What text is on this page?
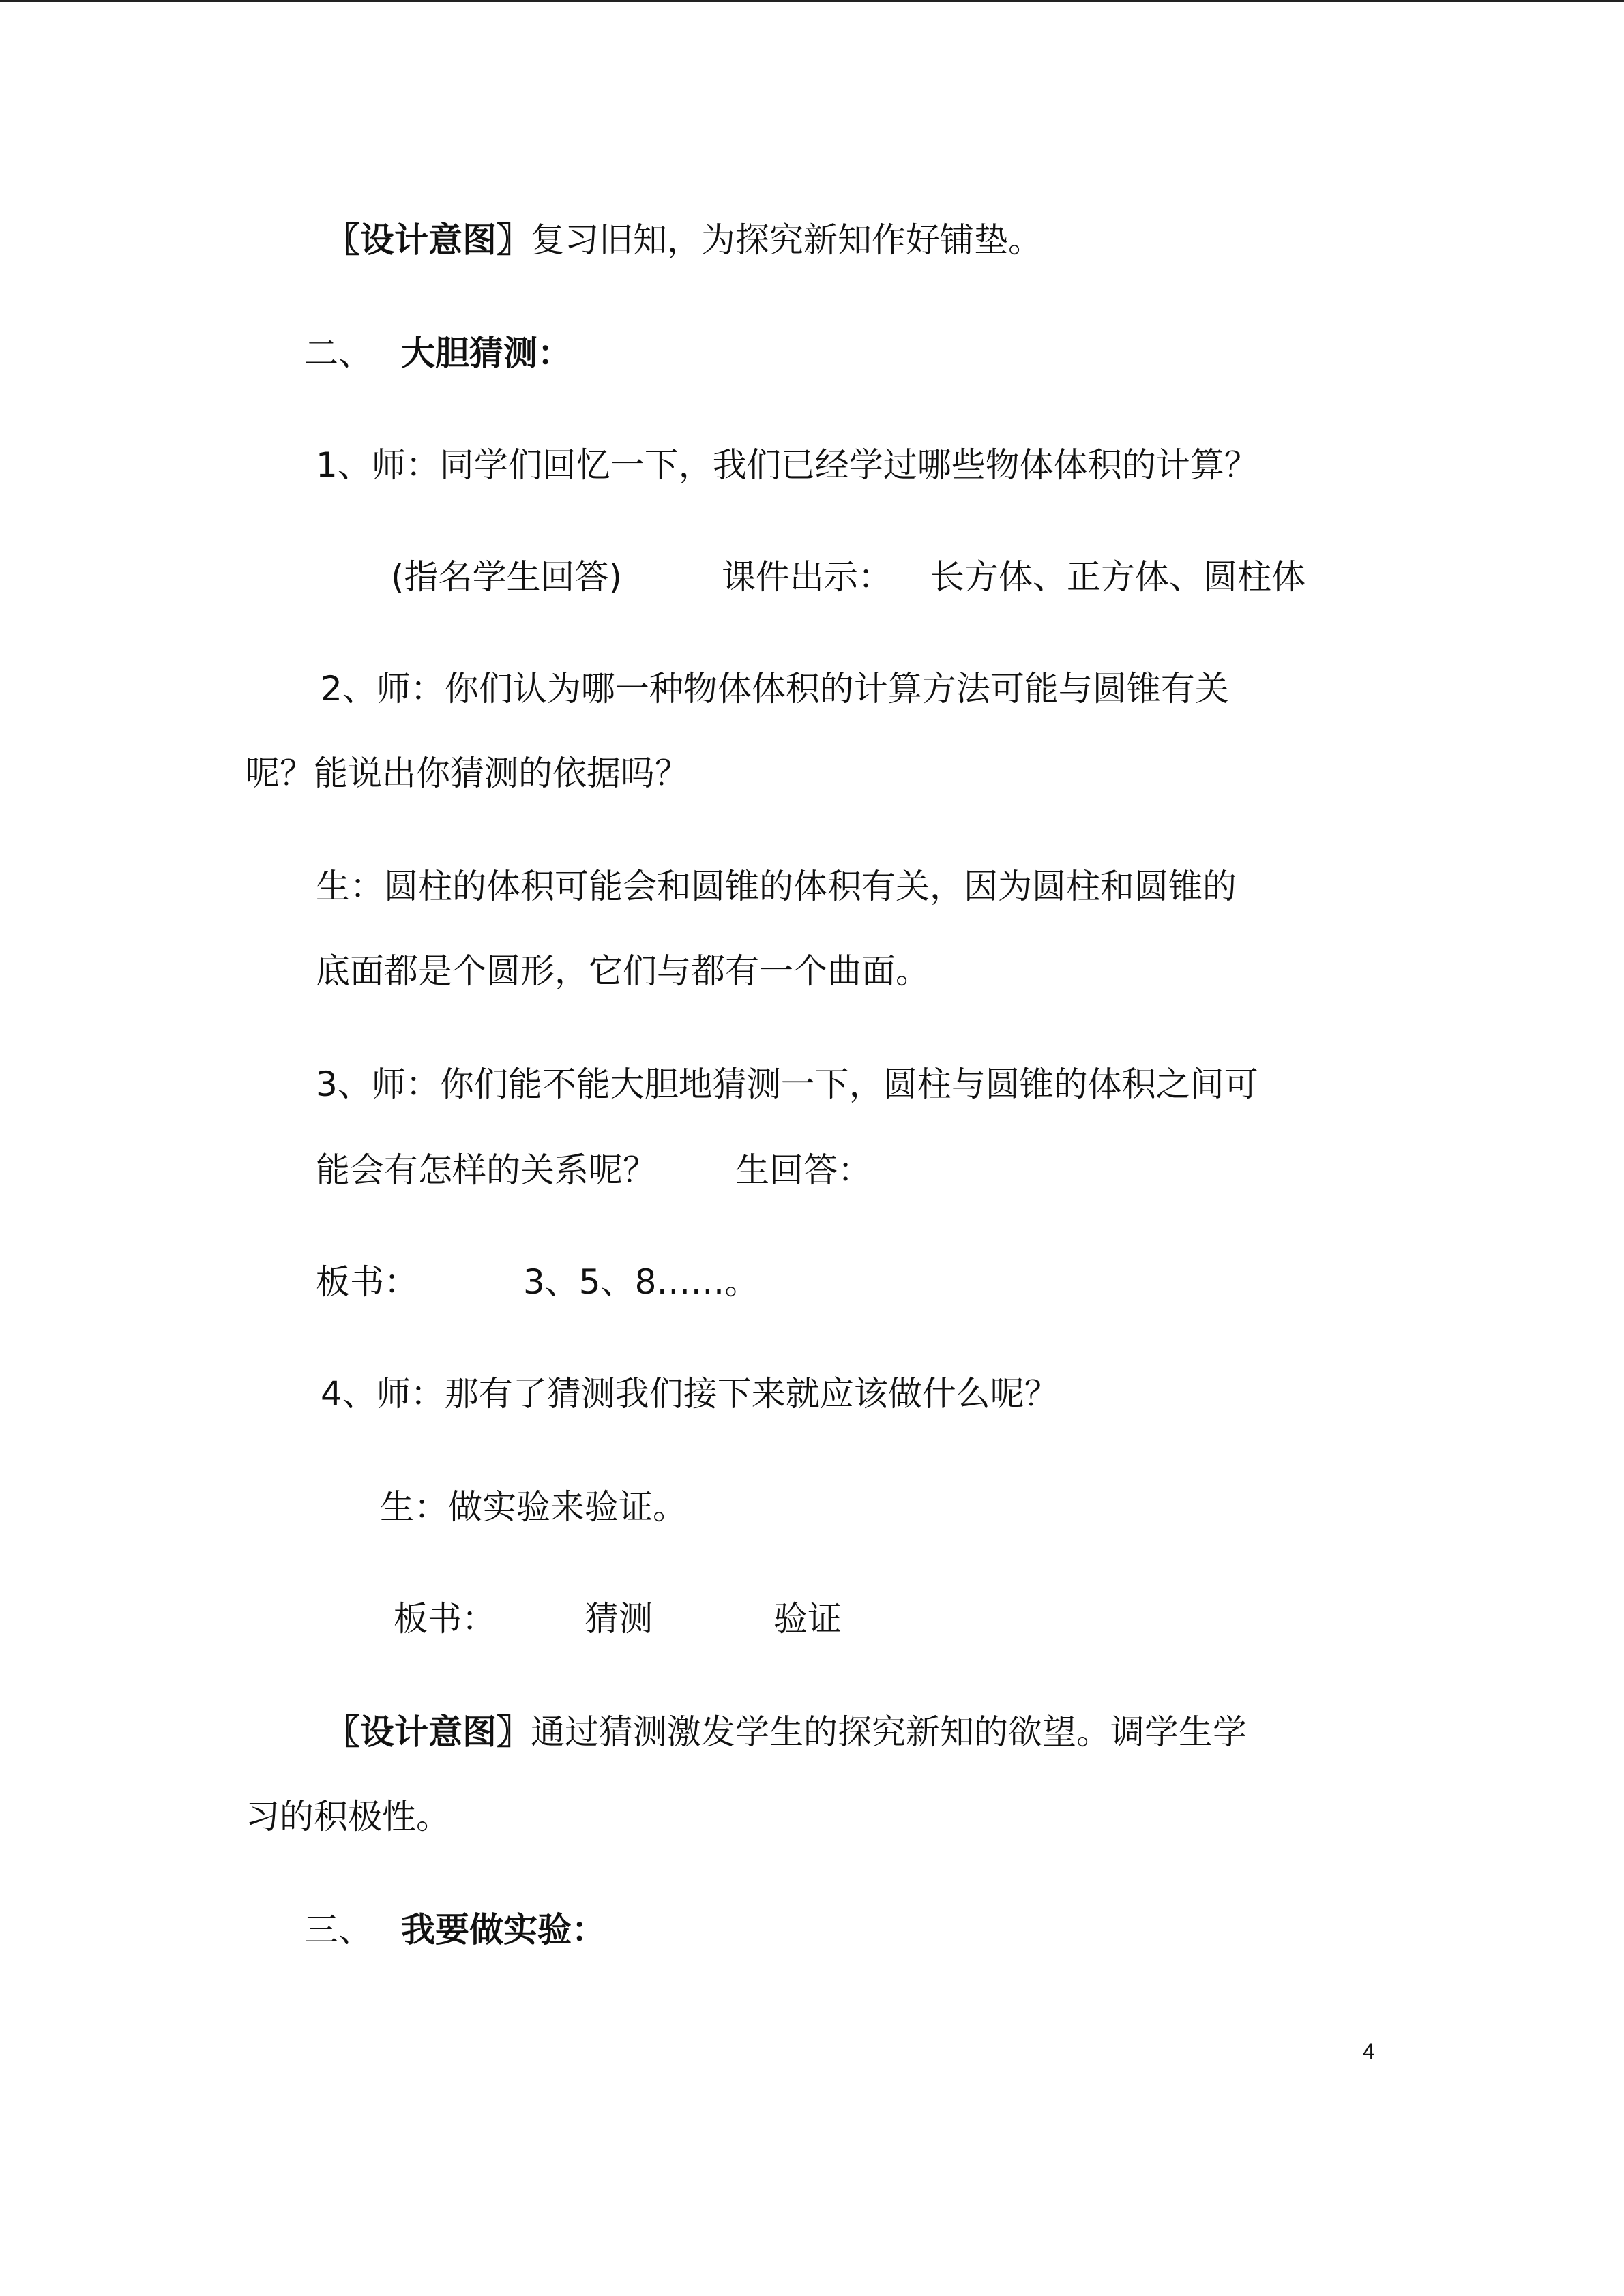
〖设计意图〗复习旧知，为探究新知作好铺垫。
二、 大胆猜测：
1、师：同学们回忆一下，我们已经学过哪些物体体积的计算？
(指名学生回答)	课件出示： 长方体、正方体、圆柱体
2、师：你们认为哪一种物体体积的计算方法可能与圆锥有关
呢？能说出你猜测的依据吗？
生：圆柱的体积可能会和圆锥的体积有关，因为圆柱和圆锥的
底面都是个圆形，它们与都有一个曲面。
3、师：你们能不能大胆地猜测一下，圆柱与圆锥的体积之间可
能会有怎样的关系呢？ 生回答：
板书：	3、5、8……。
4、师：那有了猜测我们接下来就应该做什么呢？
生：做实验来验证。
板书：	猜测	验证
〖设计意图〗通过猜测激发学生的探究新知的欲望。调学生学
习的积极性。
三、 我要做实验：
4
